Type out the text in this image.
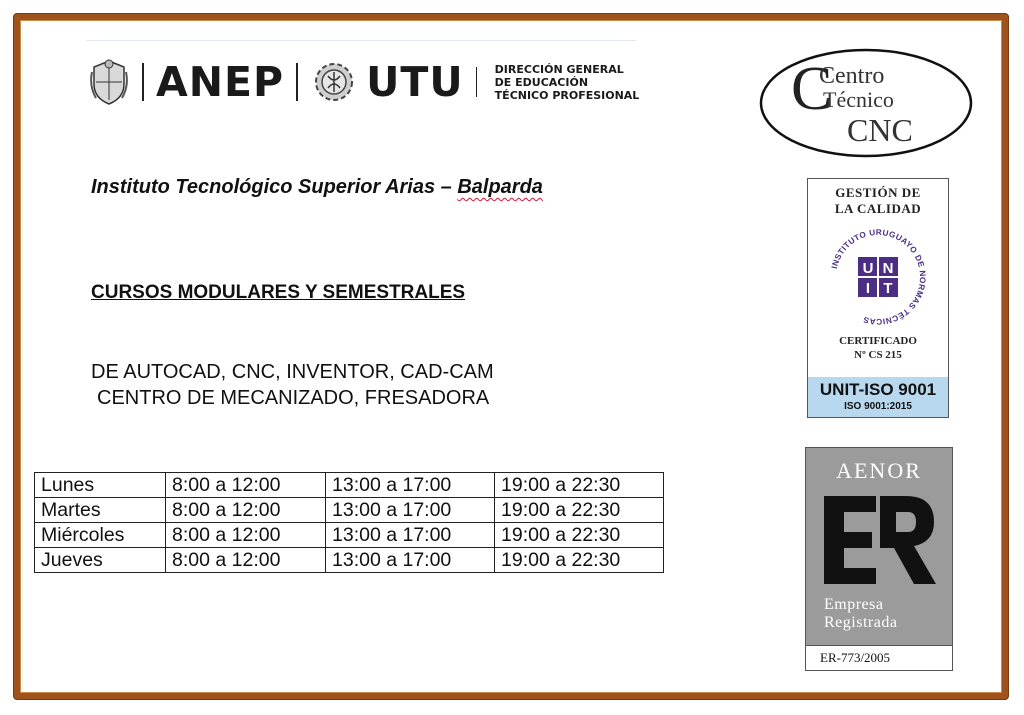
ANEP UTU	DIRECCIÓN GENERAL
DE EDUCACIÓN
TÉCNICO PROFESIONAL C
Centro
Técnico
CNC
Instituto Tecnológico Superior Arias – Balparda
CURSOS MODULARES Y SEMESTRALES
DE AUTOCAD, CNC, INVENTOR, CAD-CAM
CENTRO DE MECANIZADO, FRESADORA
Lunes	8:00 a 12:00	13:00 a 17:00	19:00 a 22:30
Martes	8:00 a 12:00	13:00 a 17:00	19:00 a 22:30
Miércoles	8:00 a 12:00	13:00 a 17:00	19:00 a 22:30
Jueves	8:00 a 12:00	13:00 a 17:00	19:00 a 22:30
GESTIÓN DE
LA CALIDAD
INSTITUTO URUGUAYO DE NORMAS TÉCNICAS
U N
I T
CERTIFICADO
Nº CS 215
UNIT-ISO 9001
ISO 9001:2015
AENOR
Empresa
Registrada
ER-773/2005
